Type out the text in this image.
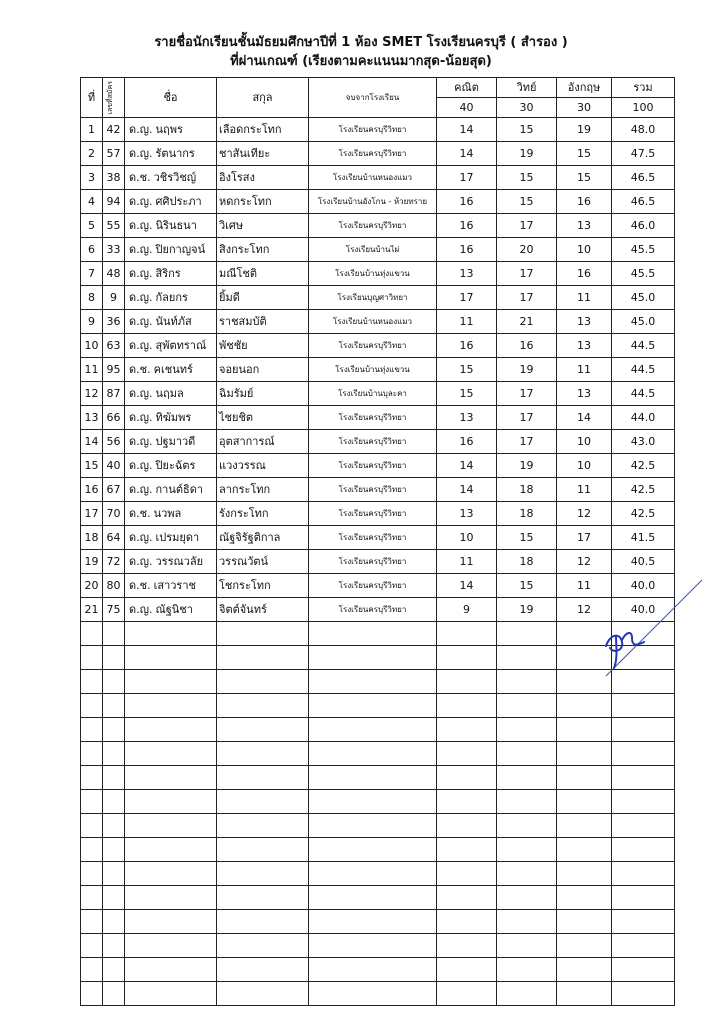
รายชื่อนักเรียนชั้นมัธยมศึกษาปีที่ 1 ห้อง SMET โรงเรียนครบุรี ( สำรอง )
ที่ผ่านเกณฑ์ (เรียงตามคะแนนมากสุด-น้อยสุด)
ที่	เลขที่สมัคร	ชื่อ	สกุล	จบจากโรงเรียน	คณิต	วิทย์	อังกฤษ	รวม
					40	30	30	100
1	42	ด.ญ. นฤพร	เลือดกระโทก	โรงเรียนครบุรีวิทยา	14	15	19	48.0
2	57	ด.ญ. รัตนากร	ชาสันเทียะ	โรงเรียนครบุรีวิทยา	14	19	15	47.5
3	38	ด.ช. วชิรวิชญ์	อิงโรสง	โรงเรียนบ้านหนองแมว	17	15	15	46.5
4	94	ด.ญ. ศศิประภา	หดกระโทก	โรงเรียนบ้านอังโกน - ห้วยทราย	16	15	16	46.5
5	55	ด.ญ. นิรินธนา	วิเศษ	โรงเรียนครบุรีวิทยา	16	17	13	46.0
6	33	ด.ญ. ปิยกาญจน์	สิงกระโทก	โรงเรียนบ้านไผ่	16	20	10	45.5
7	48	ด.ญ. สิริกร	มณีโชติ	โรงเรียนบ้านทุ่งแขวน	13	17	16	45.5
8	9	ด.ญ. กัลยกร	ยิ้มดี	โรงเรียนบุญศาวิทยา	17	17	11	45.0
9	36	ด.ญ. นันท์ภัส	ราชสมบัติ	โรงเรียนบ้านหนองแมว	11	21	13	45.0
10	63	ด.ญ. สุพัตทราณ์	พัชชัย	โรงเรียนครบุรีวิทยา	16	16	13	44.5
11	95	ด.ช. คเชนทร์	จอยนอก	โรงเรียนบ้านทุ่งแขวน	15	19	11	44.5
12	87	ด.ญ. นฤมล	ฉิมรัมย์	โรงเรียนบ้านบุละคา	15	17	13	44.5
13	66	ด.ญ. ทิฆัมพร	ไชยชิต	โรงเรียนครบุรีวิทยา	13	17	14	44.0
14	56	ด.ญ. ปฐมาวดี	อุตสาการณ์	โรงเรียนครบุรีวิทยา	16	17	10	43.0
15	40	ด.ญ. ปิยะฉัตร	แวงวรรณ	โรงเรียนครบุรีวิทยา	14	19	10	42.5
16	67	ด.ญ. กานต์ธิดา	ลากระโทก	โรงเรียนครบุรีวิทยา	14	18	11	42.5
17	70	ด.ช. นวพล	รังกระโทก	โรงเรียนครบุรีวิทยา	13	18	12	42.5
18	64	ด.ญ. เปรมยุดา	ณัฐจิรัฐติกาล	โรงเรียนครบุรีวิทยา	10	15	17	41.5
19	72	ด.ญ. วรรณวลัย	วรรณวัตน์	โรงเรียนครบุรีวิทยา	11	18	12	40.5
20	80	ด.ช. เสาวราช	โชกระโทก	โรงเรียนครบุรีวิทยา	14	15	11	40.0
21	75	ด.ญ. ณัฐนิชา	จิตต์จันทร์	โรงเรียนครบุรีวิทยา	9	19	12	40.0
